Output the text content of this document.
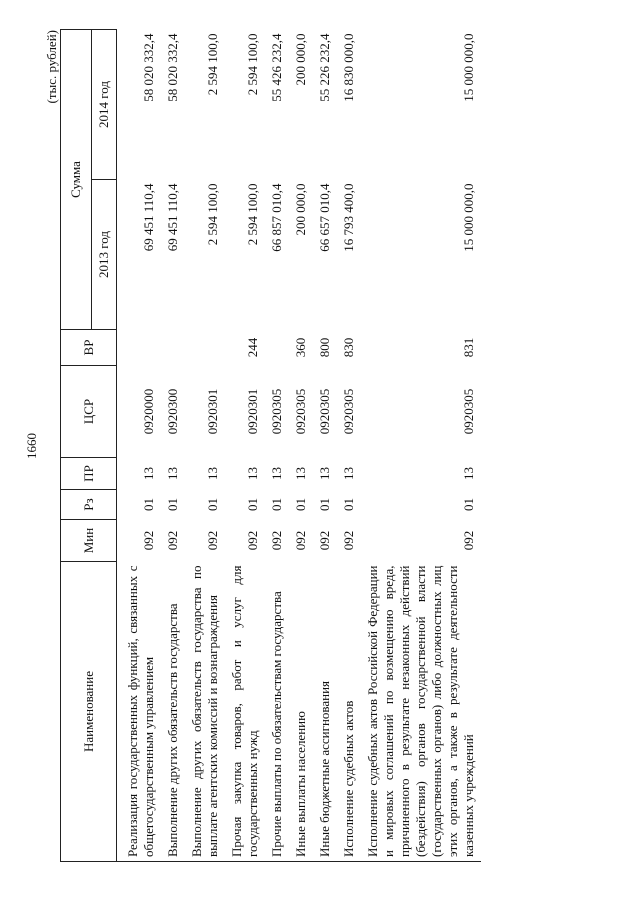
1660
(тыс. рублей)
Наименование	Мин	Рз	ПР	ЦСР	ВР	Сумма	
						2013 год	2014 год
Реализация государственных функций, связанных с общегосударственным управлением	092	01	13	0920000		69 451 110,4	58 020 332,4
Выполнение других обязательств государства	092	01	13	0920300		69 451 110,4	58 020 332,4
Выполнение других обязательств государства по выплате агентских комиссий и вознаграждения	092	01	13	0920301		2 594 100,0	2 594 100,0
Прочая закупка товаров, работ и услуг для государственных нужд	092	01	13	0920301	244	2 594 100,0	2 594 100,0
Прочие выплаты по обязательствам государства	092	01	13	0920305		66 857 010,4	55 426 232,4
Иные выплаты населению	092	01	13	0920305	360	200 000,0	200 000,0
Иные бюджетные ассигнования	092	01	13	0920305	800	66 657 010,4	55 226 232,4
Исполнение судебных актов	092	01	13	0920305	830	16 793 400,0	16 830 000,0
Исполнение судебных актов Российской Федерации и мировых соглашений по возмещению вреда, причиненного в результате незаконных действий (бездействия) органов государственной власти (государственных органов) либо должностных лиц этих органов, а также в результате деятельности казенных учреждений	092	01	13	0920305	831	15 000 000,0	15 000 000,0
